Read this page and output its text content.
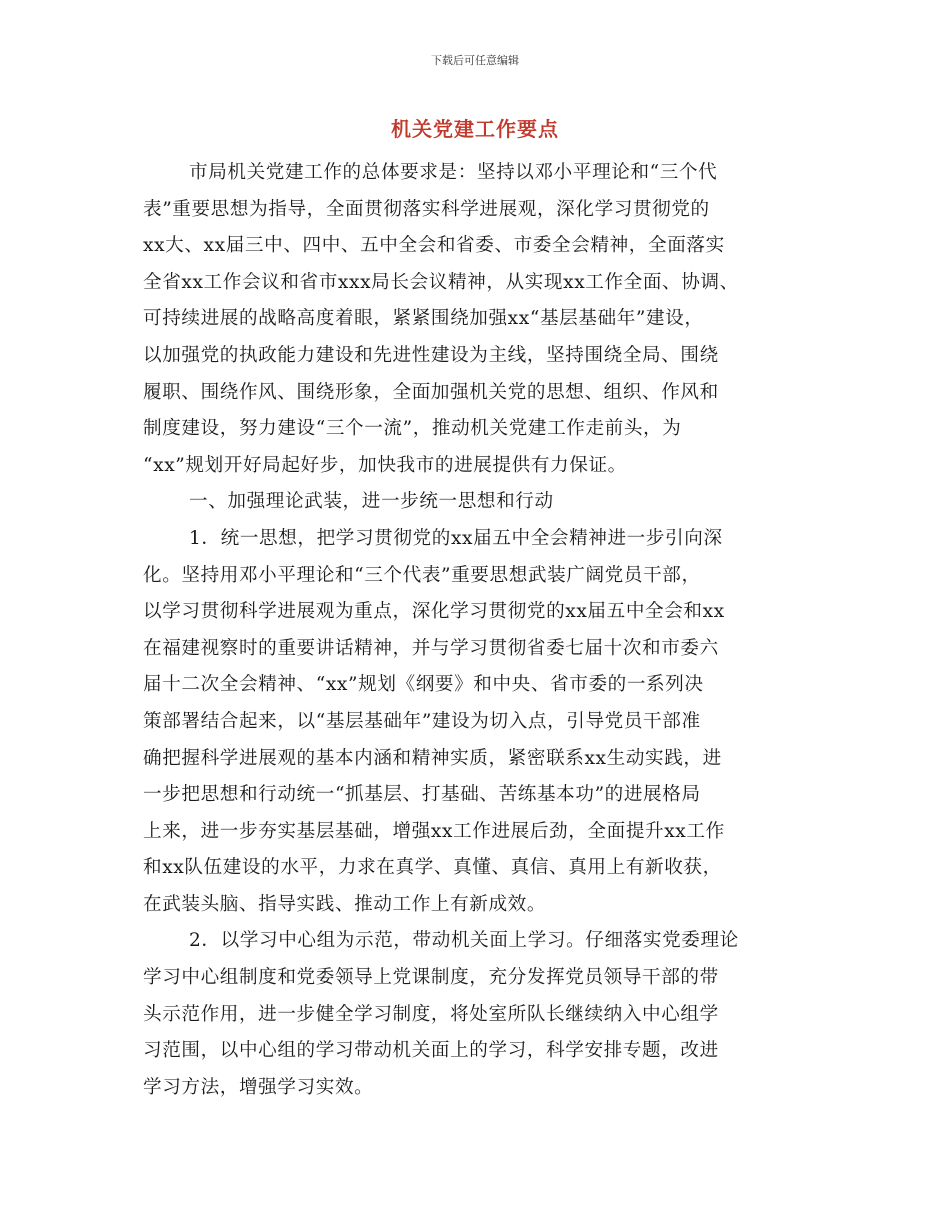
下载后可任意编辑
机关党建工作要点
市局机关党建工作的总体要求是：坚持以邓小平理论和“三个代
表”重要思想为指导，全面贯彻落实科学进展观，深化学习贯彻党的
xx大、xx届三中、四中、五中全会和省委、市委全会精神，全面落实
全省xx工作会议和省市xxx局长会议精神，从实现xx工作全面、协调、
可持续进展的战略高度着眼，紧紧围绕加强xx“基层基础年”建设，
以加强党的执政能力建设和先进性建设为主线，坚持围绕全局、围绕
履职、围绕作风、围绕形象，全面加强机关党的思想、组织、作风和
制度建设，努力建设“三个一流”，推动机关党建工作走前头，为
“xx”规划开好局起好步，加快我市的进展提供有力保证。
一、加强理论武装，进一步统一思想和行动
1．统一思想，把学习贯彻党的xx届五中全会精神进一步引向深
化。坚持用邓小平理论和“三个代表”重要思想武装广阔党员干部，
以学习贯彻科学进展观为重点，深化学习贯彻党的xx届五中全会和xx
在福建视察时的重要讲话精神，并与学习贯彻省委七届十次和市委六
届十二次全会精神、“xx”规划《纲要》和中央、省市委的一系列决
策部署结合起来，以“基层基础年”建设为切入点，引导党员干部准
确把握科学进展观的基本内涵和精神实质，紧密联系xx生动实践，进
一步把思想和行动统一“抓基层、打基础、苦练基本功”的进展格局
上来，进一步夯实基层基础，增强xx工作进展后劲，全面提升xx工作
和xx队伍建设的水平，力求在真学、真懂、真信、真用上有新收获，
在武装头脑、指导实践、推动工作上有新成效。
2．以学习中心组为示范，带动机关面上学习。仔细落实党委理论
学习中心组制度和党委领导上党课制度，充分发挥党员领导干部的带
头示范作用，进一步健全学习制度，将处室所队长继续纳入中心组学
习范围，以中心组的学习带动机关面上的学习，科学安排专题，改进
学习方法，增强学习实效。
